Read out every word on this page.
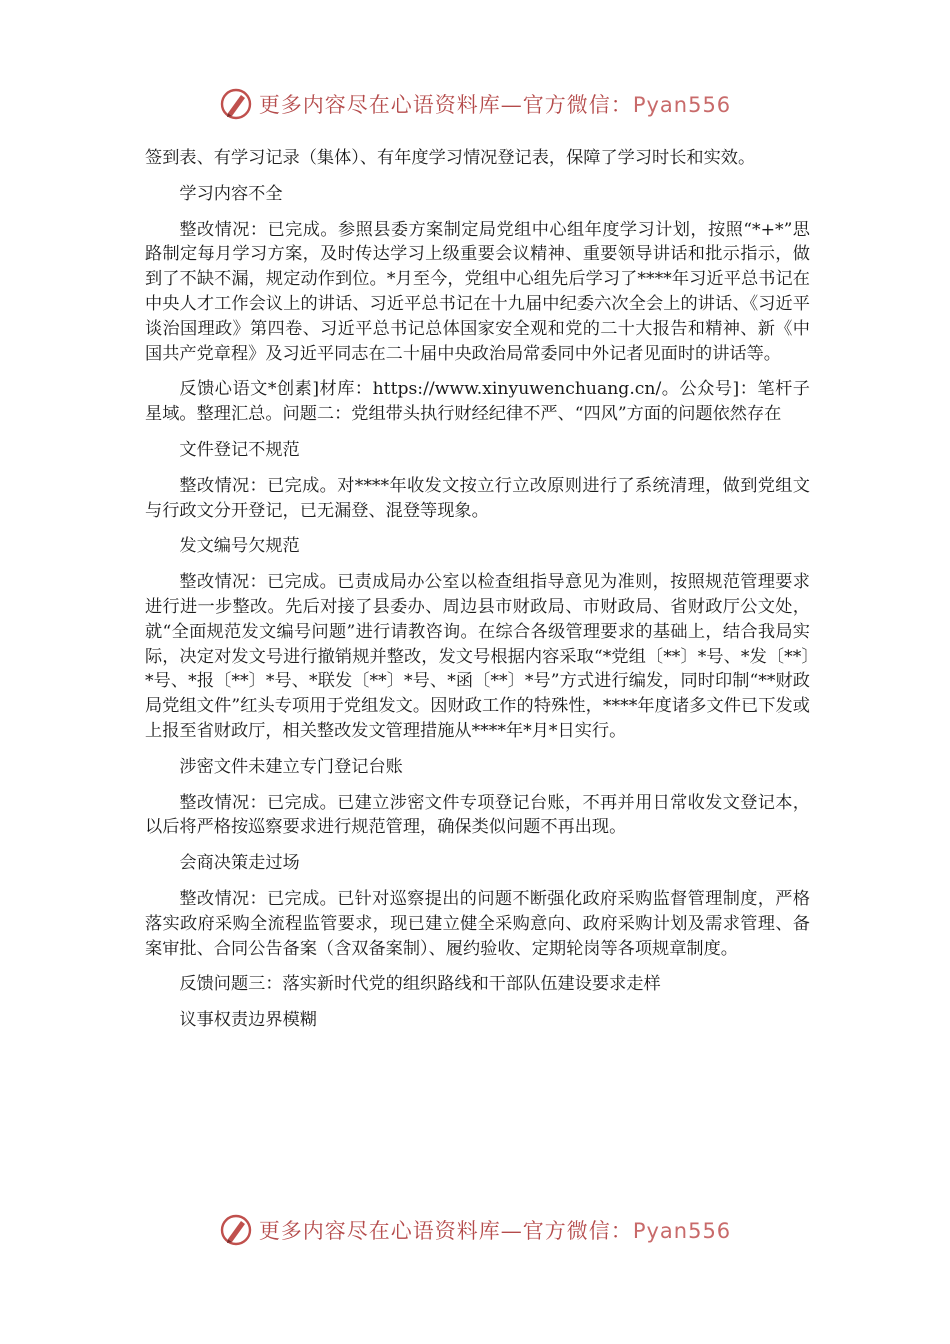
更多内容尽在心语资料库—官方微信：Pyan556

签到表、有学习记录（集体）、有年度学习情况登记表，保障了学习时长和实效。

学习内容不全

整改情况：已完成。参照县委方案制定局党组中心组年度学习计划，按照“*+*”思路制定每月学习方案，及时传达学习上级重要会议精神、重要领导讲话和批示指示，做到了不缺不漏，规定动作到位。*月至今，党组中心组先后学习了****年习近平总书记在中央人才工作会议上的讲话、习近平总书记在十九届中纪委六次全会上的讲话、《习近平谈治国理政》第四卷、习近平总书记总体国家安全观和党的二十大报告和精神、新《中国共产党章程》及习近平同志在二十届中央政治局常委同中外记者见面时的讲话等。

反馈心语文*创素]材库：https://www.xinyuwenchuang.cn/。公众号]：笔杆子星域。整理汇总。问题二：党组带头执行财经纪律不严、“四风”方面的问题依然存在

文件登记不规范

整改情况：已完成。对****年收发文按立行立改原则进行了系统清理，做到党组文与行政文分开登记，已无漏登、混登等现象。

发文编号欠规范

整改情况：已完成。已责成局办公室以检查组指导意见为准则，按照规范管理要求进行进一步整改。先后对接了县委办、周边县市财政局、市财政局、省财政厅公文处，就“全面规范发文编号问题”进行请教咨询。在综合各级管理要求的基础上，结合我局实际，决定对发文号进行撤销规并整改，发文号根据内容采取“*党组〔**〕*号、*发〔**〕*号、*报〔**〕*号、*联发〔**〕*号、*函〔**〕*号”方式进行编发，同时印制“**财政局党组文件”红头专项用于党组发文。因财政工作的特殊性，****年度诸多文件已下发或上报至省财政厅，相关整改发文管理措施从****年*月*日实行。

涉密文件未建立专门登记台账

整改情况：已完成。已建立涉密文件专项登记台账，不再并用日常收发文登记本，以后将严格按巡察要求进行规范管理，确保类似问题不再出现。

会商决策走过场

整改情况：已完成。已针对巡察提出的问题不断强化政府采购监督管理制度，严格落实政府采购全流程监管要求，现已建立健全采购意向、政府采购计划及需求管理、备案审批、合同公告备案（含双备案制）、履约验收、定期轮岗等各项规章制度。

反馈问题三：落实新时代党的组织路线和干部队伍建设要求走样

议事权责边界模糊

更多内容尽在心语资料库—官方微信：Pyan556
